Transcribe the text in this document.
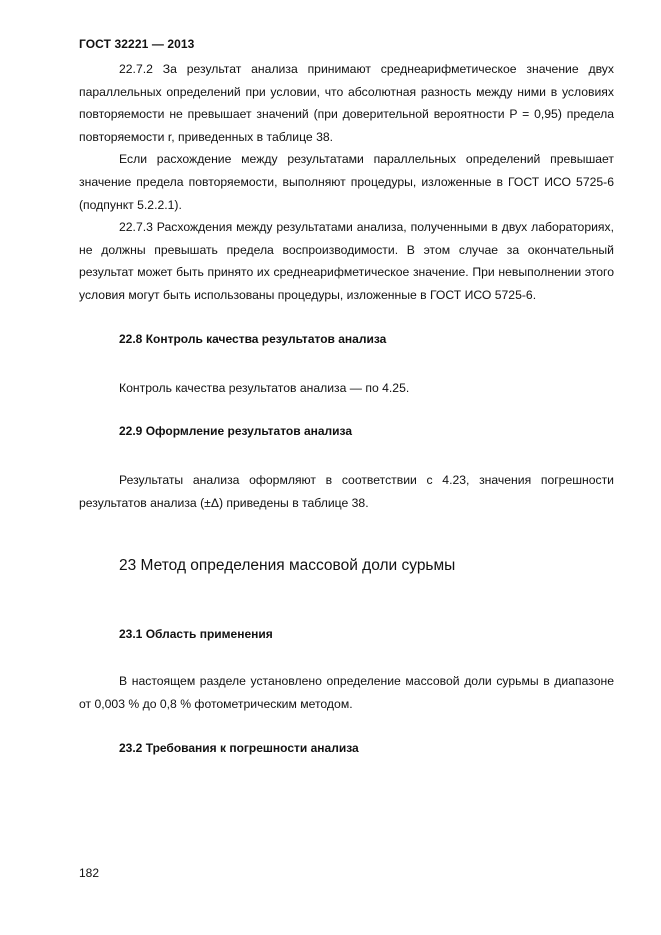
ГОСТ 32221 — 2013

22.7.2 За результат анализа принимают среднеарифметическое значение двух параллельных определений при условии, что абсолютная разность между ними в условиях повторяемости не превышает значений (при доверительной вероятности P = 0,95) предела повторяемости r, приведенных в таблице 38.

Если расхождение между результатами параллельных определений превышает значение предела повторяемости, выполняют процедуры, изложенные в ГОСТ ИСО 5725-6 (подпункт 5.2.2.1).

22.7.3 Расхождения между результатами анализа, полученными в двух лабораториях, не должны превышать предела воспроизводимости. В этом случае за окончательный результат может быть принято их среднеарифметическое значение. При невыполнении этого условия могут быть использованы процедуры, изложенные в ГОСТ ИСО 5725-6.

22.8 Контроль качества результатов анализа

Контроль качества результатов анализа — по 4.25.

22.9 Оформление результатов анализа

Результаты анализа оформляют в соответствии с 4.23, значения погрешности результатов анализа (±Δ) приведены в таблице 38.

23 Метод определения массовой доли сурьмы
23.1 Область применения

В настоящем разделе установлено определение массовой доли сурьмы в диапазоне от 0,003 % до 0,8 % фотометрическим методом.

23.2 Требования к погрешности анализа
182
